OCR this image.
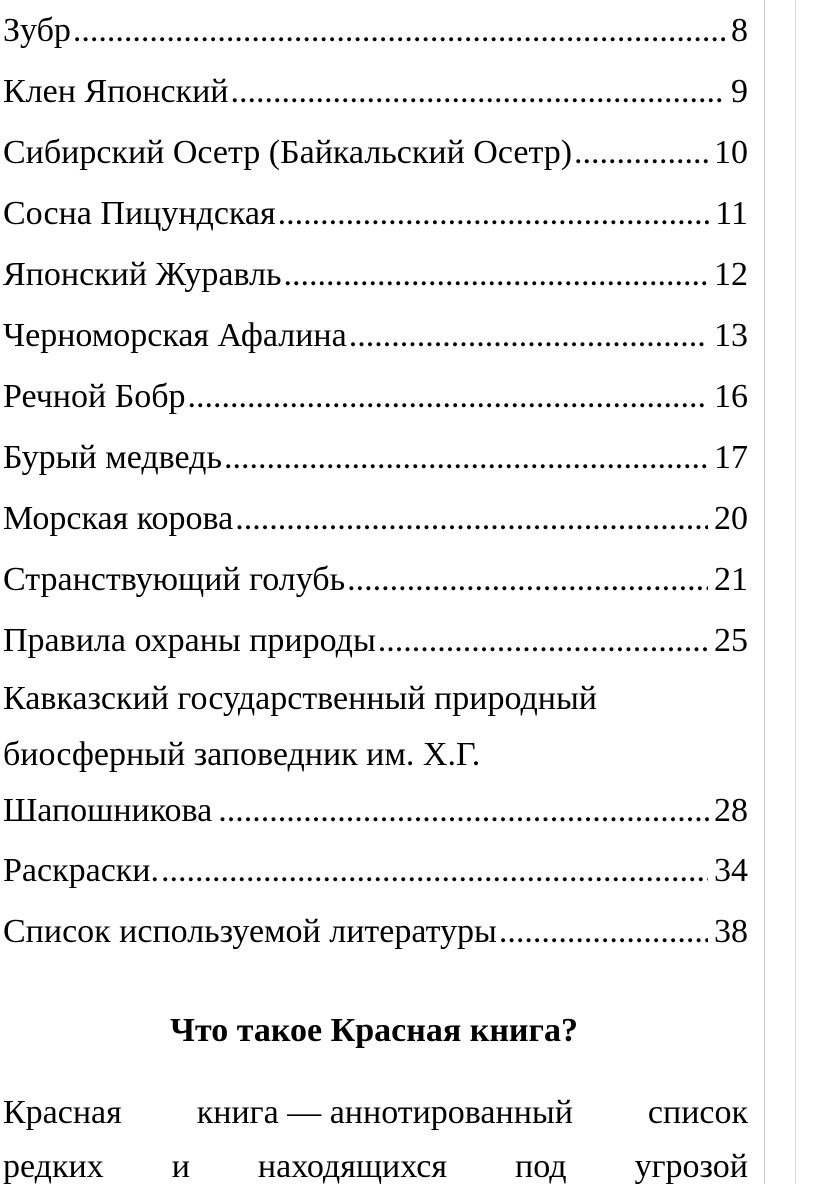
Зубр .....	8
Клен Японский .....	9
Сибирский Осетр (Байкальский Осетр) .....	10
Сосна Пицундская .....	11
Японский Журавль .....	12
Черноморская Афалина .....	13
Речной Бобр .....	16
Бурый медведь .....	17
Морская корова .....	20
Странствующий голубь .....	21
Правила охраны природы .....	25
Кавказский государственный природный
биосферный заповедник им. Х.Г.
Шапошникова .....	28
Раскраски. .....	34
Список используемой литературы .....	38
Что такое Красная книга?
Красная книга — аннотированный список
редких и находящихся под угрозой
